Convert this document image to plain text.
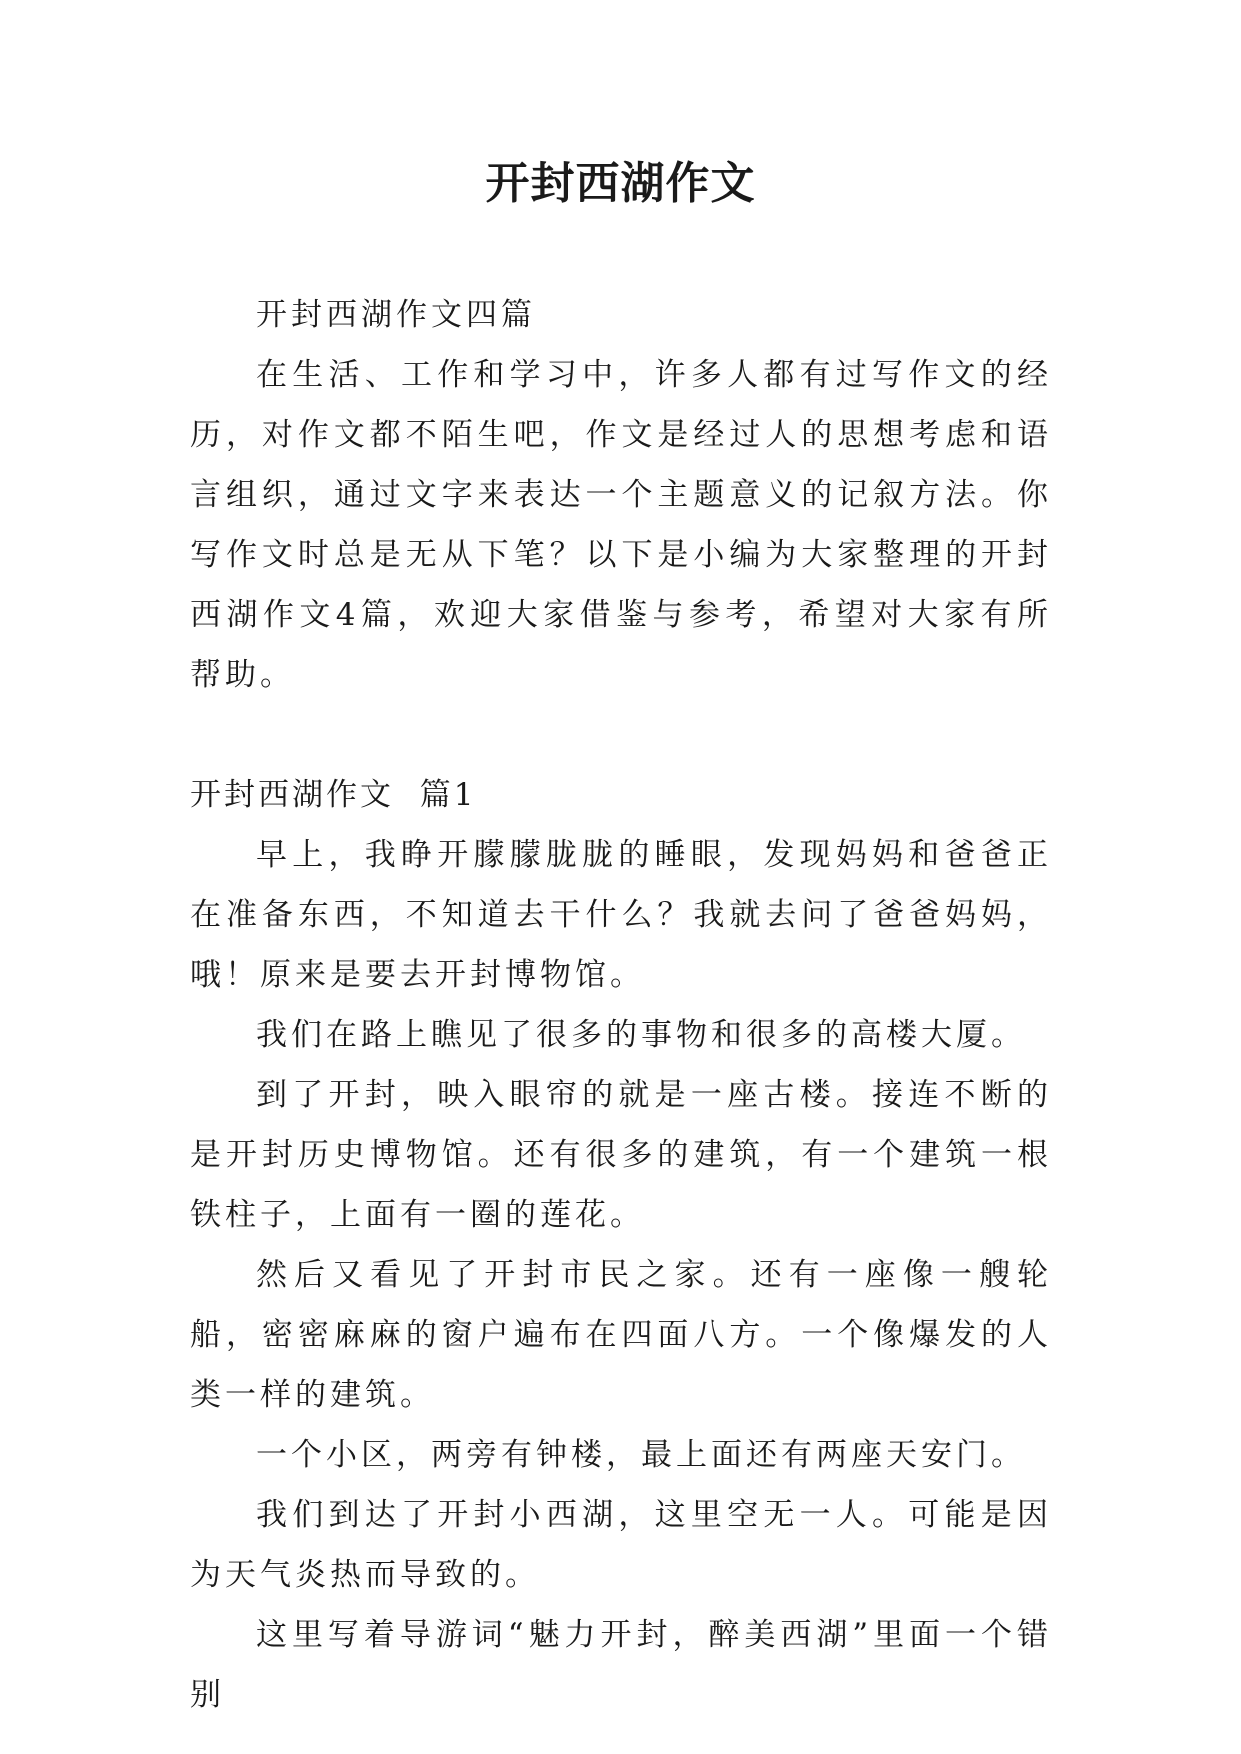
开封西湖作文

开封西湖作文四篇

在生活、工作和学习中，许多人都有过写作文的经历，对作文都不陌生吧，作文是经过人的思想考虑和语言组织，通过文字来表达一个主题意义的记叙方法。你写作文时总是无从下笔？以下是小编为大家整理的开封西湖作文4篇，欢迎大家借鉴与参考，希望对大家有所帮助。

开封西湖作文  篇1

早上，我睁开朦朦胧胧的睡眼，发现妈妈和爸爸正在准备东西，不知道去干什么？我就去问了爸爸妈妈，哦！原来是要去开封博物馆。

我们在路上瞧见了很多的事物和很多的高楼大厦。

到了开封，映入眼帘的就是一座古楼。接连不断的是开封历史博物馆。还有很多的建筑，有一个建筑一根铁柱子，上面有一圈的莲花。

然后又看见了开封市民之家。还有一座像一艘轮船，密密麻麻的窗户遍布在四面八方。一个像爆发的人类一样的建筑。

一个小区，两旁有钟楼，最上面还有两座天安门。

我们到达了开封小西湖，这里空无一人。可能是因为天气炎热而导致的。

这里写着导游词“魅力开封，醉美西湖”里面一个错别
